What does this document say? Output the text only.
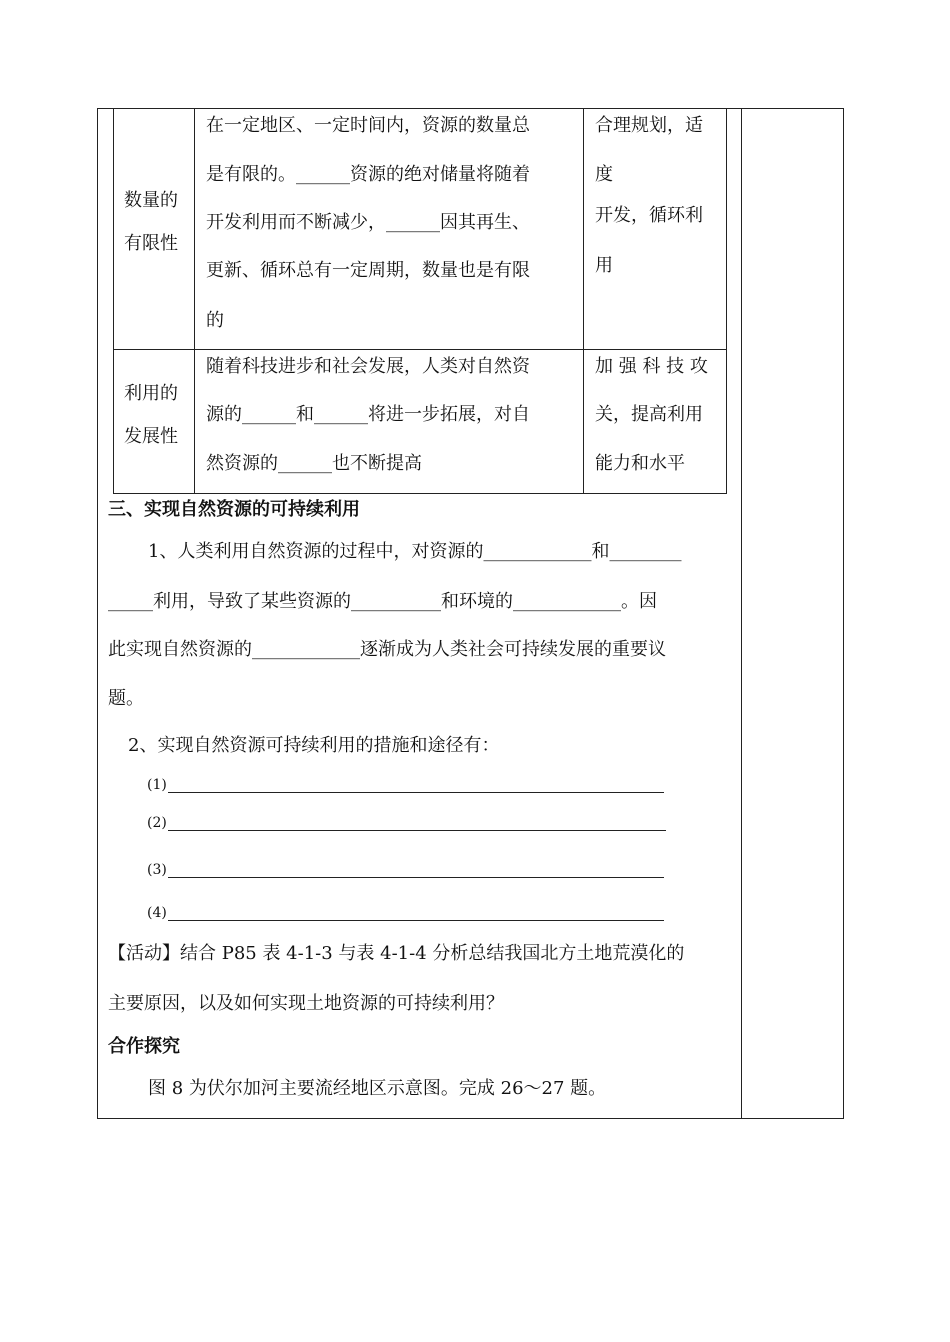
数量的
有限性
在一定地区、一定时间内，资源的数量总
是有限的。______资源的绝对储量将随着
开发利用而不断减少，______因其再生、
更新、循环总有一定周期，数量也是有限
的
合理规划，适
度
开发，循环利
用
利用的
发展性
随着科技进步和社会发展，人类对自然资
源的______和______将进一步拓展，对自
然资源的______也不断提高
加 强 科 技 攻
关，提高利用
能力和水平
三、实现自然资源的可持续利用
1、人类利用自然资源的过程中，对资源的____________和________
_____利用，导致了某些资源的__________和环境的____________。因
此实现自然资源的____________逐渐成为人类社会可持续发展的重要议
题。
2、实现自然资源可持续利用的措施和途径有：
(1)
(2)
(3)
(4)
【活动】结合 P85 表 4-1-3 与表 4-1-4 分析总结我国北方土地荒漠化的
主要原因，以及如何实现土地资源的可持续利用？
合作探究
图 8 为伏尔加河主要流经地区示意图。完成 26～27 题。
